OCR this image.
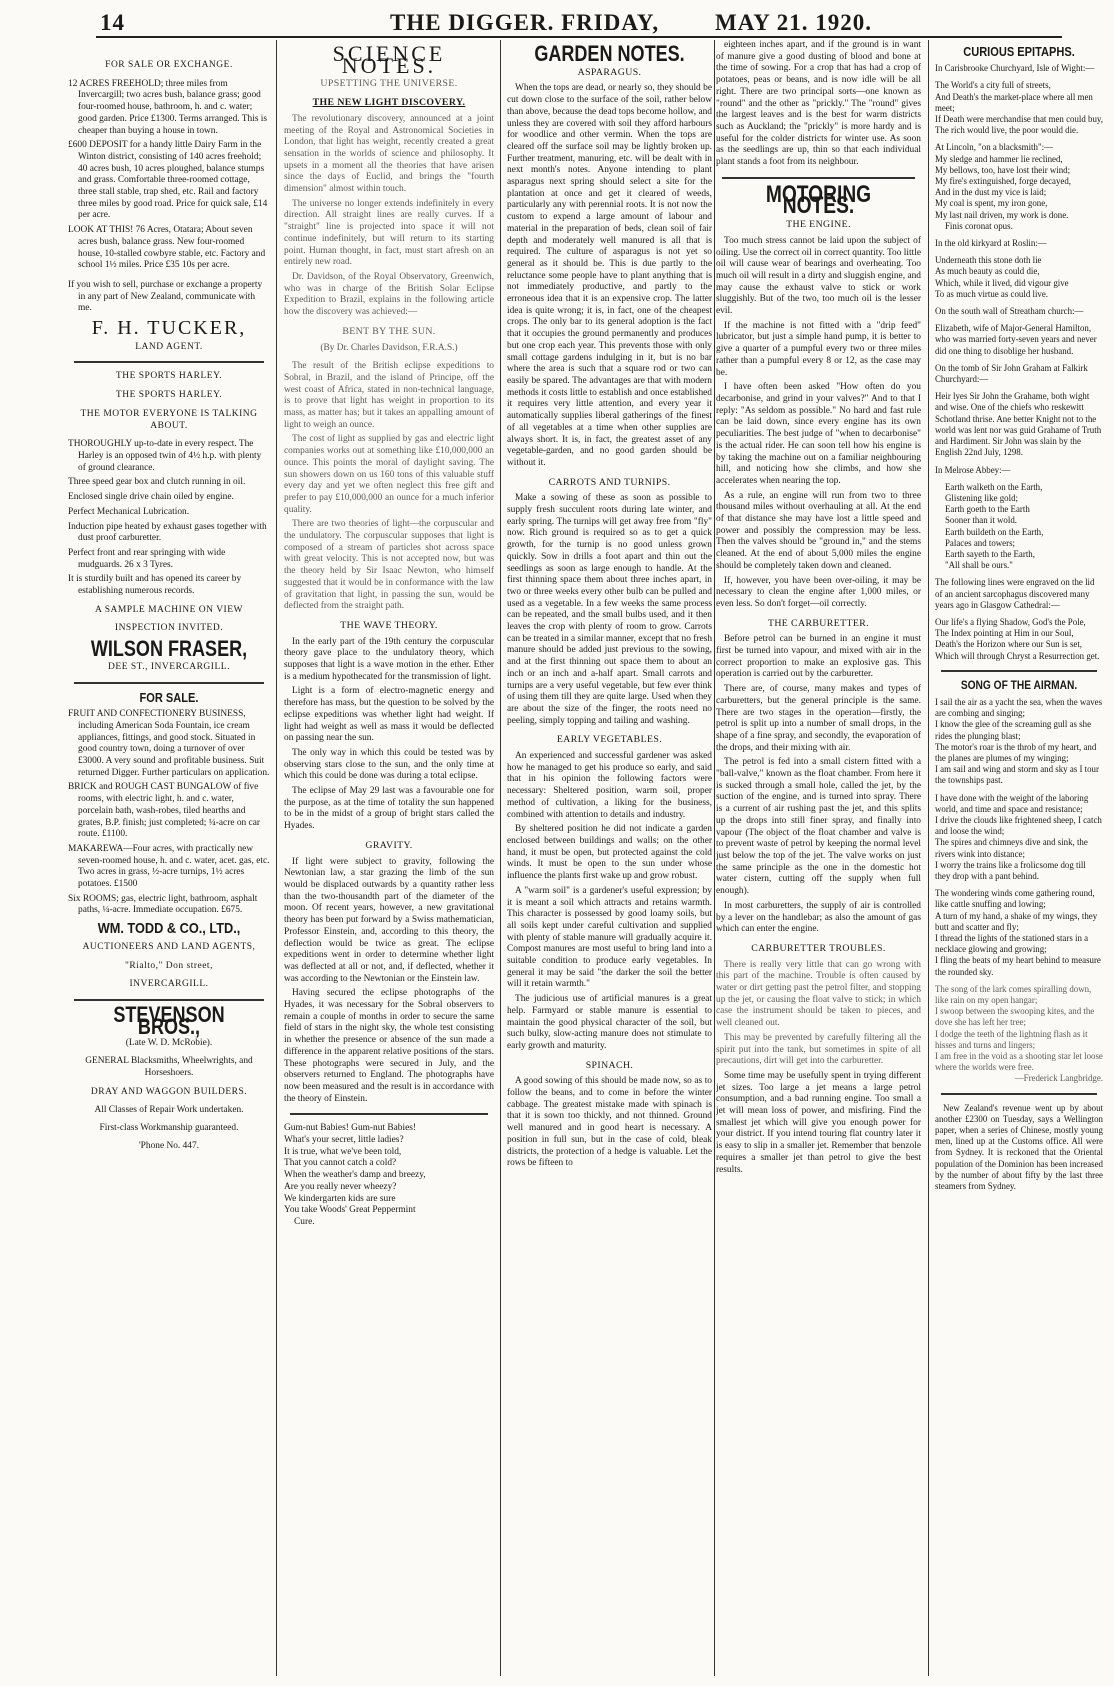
14	THE DIGGER. FRIDAY, MAY 21. 1920.
FOR SALE OR EXCHANGE.

12 ACRES FREEHOLD; three miles from Invercargill; two acres bush, balance grass; good four-roomed house, bathroom, h. and c. water; good garden. Price £1300. Terms arranged. This is cheaper than buying a house in town.

£600 DEPOSIT for a handy little Dairy Farm in the Winton district, consisting of 140 acres freehold; 40 acres bush, 10 acres ploughed, balance stumps and grass. Comfortable three-roomed cottage, three stall stable, trap shed, etc. Rail and factory three miles by good road. Price for quick sale, £14 per acre.

LOOK AT THIS! 76 Acres, Otatara; About seven acres bush, balance grass. New four-roomed house, 10-stalled cowbyre stable, etc. Factory and school 1½ miles. Price £35 10s per acre.

If you wish to sell, purchase or exchange a property in any part of New Zealand, communicate with me.

F. H. TUCKER,
LAND AGENT.
THE SPORTS HARLEY.
THE SPORTS HARLEY.
THE MOTOR EVERYONE IS TALKING ABOUT.

THOROUGHLY up-to-date in every respect. The Harley is an opposed twin of 4½ h.p. with plenty of ground clearance.

Three speed gear box and clutch running in oil.

Enclosed single drive chain oiled by engine.

Perfect Mechanical Lubrication.

Induction pipe heated by exhaust gases together with dust proof carburetter.

Perfect front and rear springing with wide mudguards. 26 x 3 Tyres.

It is sturdily built and has opened its career by establishing numerous records.

A SAMPLE MACHINE ON VIEW
INSPECTION INVITED.
WILSON FRASER,
DEE ST., INVERCARGILL.
FOR SALE.

FRUIT AND CONFECTIONERY BUSINESS, including American Soda Fountain, ice cream appliances, fittings, and good stock. Situated in good country town, doing a turnover of over £3000. A very sound and profitable business. Suit returned Digger. Further particulars on application.

BRICK and ROUGH CAST BUNGALOW of five rooms, with electric light, h. and c. water, porcelain bath, wash-robes, tiled hearths and grates, B.P. finish; just completed; ¼-acre on car route. £1100.

MAKAREWA—Four acres, with practically new seven-roomed house, h. and c. water, acet. gas, etc. Two acres in grass, ½-acre turnips, 1½ acres potatoes. £1500

Six ROOMS; gas, electric light, bathroom, asphalt paths, ¼-acre. Immediate occupation. £675.

WM. TODD & CO., LTD.,
AUCTIONEERS AND LAND AGENTS,
"Rialto," Don street,
INVERCARGILL.
STEVENSON BROS.,
(Late W. D. McRobie).
GENERAL Blacksmiths, Wheelwrights, and Horseshoers.
DRAY AND WAGGON BUILDERS.
All Classes of Repair Work undertaken.
First-class Workmanship guaranteed.
'Phone No. 447.
SCIENCE NOTES.
UPSETTING THE UNIVERSE.
THE NEW LIGHT DISCOVERY.

The revolutionary discovery, announced at a joint meeting of the Royal and Astronomical Societies in London, that light has weight, recently created a great sensation in the worlds of science and philosophy. It upsets in a moment all the theories that have arisen since the days of Euclid, and brings the "fourth dimension" almost within touch.

The universe no longer extends indefinitely in every direction. All straight lines are really curves. If a "straight" line is projected into space it will not continue indefinitely, but will return to its starting point. Human thought, in fact, must start afresh on an entirely new road.

Dr. Davidson, of the Royal Observatory, Greenwich, who was in charge of the British Solar Eclipse Expedition to Brazil, explains in the following article how the discovery was achieved:—

BENT BY THE SUN.
(By Dr. Charles Davidson, F.R.A.S.)

The result of the British eclipse expeditions to Sobral, in Brazil, and the island of Principe, off the west coast of Africa, stated in non-technical language, is to prove that light has weight in proportion to its mass, as matter has; but it takes an appalling amount of light to weigh an ounce.

The cost of light as supplied by gas and electric light companies works out at something like £10,000,000 an ounce. This points the moral of daylight saving. The sun showers down on us 160 tons of this valuable stuff every day and yet we often neglect this free gift and prefer to pay £10,000,000 an ounce for a much inferior quality.

There are two theories of light—the corpuscular and the undulatory. The corpuscular supposes that light is composed of a stream of particles shot across space with great velocity. This is not accepted now, but was the theory held by Sir Isaac Newton, who himself suggested that it would be in conformance with the law of gravitation that light, in passing the sun, would be deflected from the straight path.

THE WAVE THEORY.

In the early part of the 19th century the corpuscular theory gave place to the undulatory theory, which supposes that light is a wave motion in the ether. Ether is a medium hypothecated for the transmission of light.

Light is a form of electro-magnetic energy and therefore has mass, but the question to be solved by the eclipse expeditions was whether light had weight. If light had weight as well as mass it would be deflected on passing near the sun.

The only way in which this could be tested was by observing stars close to the sun, and the only time at which this could be done was during a total eclipse.

The eclipse of May 29 last was a favourable one for the purpose, as at the time of totality the sun happened to be in the midst of a group of bright stars called the Hyades.

GRAVITY.

If light were subject to gravity, following the Newtonian law, a star grazing the limb of the sun would be displaced outwards by a quantity rather less than the two-thousandth part of the diameter of the moon. Of recent years, however, a new gravitational theory has been put forward by a Swiss mathematician, Professor Einstein, and, according to this theory, the deflection would be twice as great. The eclipse expeditions went in order to determine whether light was deflected at all or not, and, if deflected, whether it was according to the Newtonian or the Einstein law.

Having secured the eclipse photographs of the Hyades, it was necessary for the Sobral observers to remain a couple of months in order to secure the same field of stars in the night sky, the whole test consisting in whether the presence or absence of the sun made a difference in the apparent relative positions of the stars. These photographs were secured in July, and the observers returned to England. The photographs have now been measured and the result is in accordance with the theory of Einstein.

Gum-nut Babies! Gum-nut Babies!

What's your secret, little ladies?

It is true, what we've been told,

That you cannot catch a cold?

When the weather's damp and breezy,

Are you really never wheezy?

We kindergarten kids are sure

You take Woods' Great Peppermint

Cure.

GARDEN NOTES.
ASPARAGUS.

When the tops are dead, or nearly so, they should be cut down close to the surface of the soil, rather below than above, because the dead tops become hollow, and unless they are covered with soil they afford harbours for woodlice and other vermin. When the tops are cleared off the surface soil may be lightly broken up. Further treatment, manuring, etc. will be dealt with in next month's notes. Anyone intending to plant asparagus next spring should select a site for the plantation at once and get it cleared of weeds, particularly any with perennial roots. It is not now the custom to expend a large amount of labour and material in the preparation of beds, clean soil of fair depth and moderately well manured is all that is required. The culture of asparagus is not yet so general as it should be. This is due partly to the reluctance some people have to plant anything that is not immediately productive, and partly to the erroneous idea that it is an expensive crop. The latter idea is quite wrong; it is, in fact, one of the cheapest crops. The only bar to its general adoption is the fact that it occupies the ground permanently and produces but one crop each year. This prevents those with only small cottage gardens indulging in it, but is no bar where the area is such that a square rod or two can easily be spared. The advantages are that with modern methods it costs little to establish and once established it requires very little attention, and every year it automatically supplies liberal gatherings of the finest of all vegetables at a time when other supplies are always short. It is, in fact, the greatest asset of any vegetable-garden, and no good garden should be without it.

CARROTS AND TURNIPS.

Make a sowing of these as soon as possible to supply fresh succulent roots during late winter, and early spring. The turnips will get away free from "fly" now. Rich ground is required so as to get a quick growth, for the turnip is no good unless grown quickly. Sow in drills a foot apart and thin out the seedlings as soon as large enough to handle. At the first thinning space them about three inches apart, in two or three weeks every other bulb can be pulled and used as a vegetable. In a few weeks the same process can be repeated, and the small bulbs used, and it then leaves the crop with plenty of room to grow. Carrots can be treated in a similar manner, except that no fresh manure should be added just previous to the sowing, and at the first thinning out space them to about an inch or an inch and a-half apart. Small carrots and turnips are a very useful vegetable, but few ever think of using them till they are quite large. Used when they are about the size of the finger, the roots need no peeling, simply topping and tailing and washing.

EARLY VEGETABLES.

An experienced and successful gardener was asked how he managed to get his produce so early, and said that in his opinion the following factors were necessary: Sheltered position, warm soil, proper method of cultivation, a liking for the business, combined with attention to details and industry.

By sheltered position he did not indicate a garden enclosed between buildings and walls; on the other hand, it must be open, but protected against the cold winds. It must be open to the sun under whose influence the plants first wake up and grow robust.

A "warm soil" is a gardener's useful expression; by it is meant a soil which attracts and retains warmth. This character is possessed by good loamy soils, but all soils kept under careful cultivation and supplied with plenty of stable manure will gradually acquire it. Compost manures are most useful to bring land into a suitable condition to produce early vegetables. In general it may be said "the darker the soil the better will it retain warmth."

The judicious use of artificial manures is a great help. Farmyard or stable manure is essential to maintain the good physical character of the soil, but such bulky, slow-acting manure does not stimulate to early growth and maturity.

SPINACH.

A good sowing of this should be made now, so as to follow the beans, and to come in before the winter cabbage. The greatest mistake made with spinach is that it is sown too thickly, and not thinned. Ground well manured and in good heart is necessary. A position in full sun, but in the case of cold, bleak districts, the protection of a hedge is valuable. Let the rows be fifteen to

eighteen inches apart, and if the ground is in want of manure give a good dusting of blood and bone at the time of sowing. For a crop that has had a crop of potatoes, peas or beans, and is now idle will be all right. There are two principal sorts—one known as "round" and the other as "prickly." The "round" gives the largest leaves and is the best for warm districts such as Auckland; the "prickly" is more hardy and is useful for the colder districts for winter use. As soon as the seedlings are up, thin so that each individual plant stands a foot from its neighbour.

MOTORING NOTES.
THE ENGINE.

Too much stress cannot be laid upon the subject of oiling. Use the correct oil in correct quantity. Too little oil will cause wear of bearings and overheating. Too much oil will result in a dirty and sluggish engine, and may cause the exhaust valve to stick or work sluggishly. But of the two, too much oil is the lesser evil.

If the machine is not fitted with a "drip feed" lubricator, but just a simple hand pump, it is better to give a quarter of a pumpful every two or three miles rather than a pumpful every 8 or 12, as the case may be.

I have often been asked "How often do you decarbonise, and grind in your valves?" And to that I reply: "As seldom as possible." No hard and fast rule can be laid down, since every engine has its own peculiarities. The best judge of "when to decarbonise" is the actual rider. He can soon tell how his engine is by taking the machine out on a familiar neighbouring hill, and noticing how she climbs, and how she accelerates when nearing the top.

As a rule, an engine will run from two to three thousand miles without overhauling at all. At the end of that distance she may have lost a little speed and power and possibly the compression may be less. Then the valves should be "ground in," and the stems cleaned. At the end of about 5,000 miles the engine should be completely taken down and cleaned.

If, however, you have been over-oiling, it may be necessary to clean the engine after 1,000 miles, or even less. So don't forget—oil correctly.

THE CARBURETTER.

Before petrol can be burned in an engine it must first be turned into vapour, and mixed with air in the correct proportion to make an explosive gas. This operation is carried out by the carburetter.

There are, of course, many makes and types of carburetters, but the general principle is the same. There are two stages in the operation—firstly, the petrol is split up into a number of small drops, in the shape of a fine spray, and secondly, the evaporation of the drops, and their mixing with air.

The petrol is fed into a small cistern fitted with a "ball-valve," known as the float chamber. From here it is sucked through a small hole, called the jet, by the suction of the engine, and is turned into spray. There is a current of air rushing past the jet, and this splits up the drops into still finer spray, and finally into vapour (The object of the float chamber and valve is to prevent waste of petrol by keeping the normal level just below the top of the jet. The valve works on just the same principle as the one in the domestic hot water cistern, cutting off the supply when full enough).

In most carburetters, the supply of air is controlled by a lever on the handlebar; as also the amount of gas which can enter the engine.

CARBURETTER TROUBLES.

There is really very little that can go wrong with this part of the machine. Trouble is often caused by water or dirt getting past the petrol filter, and stopping up the jet, or causing the float valve to stick; in which case the instrument should be taken to pieces, and well cleaned out.

This may be prevented by carefully filtering all the spirit put into the tank, but sometimes in spite of all precautions, dirt will get into the carburetter.

Some time may be usefully spent in trying different jet sizes. Too large a jet means a large petrol consumption, and a bad running engine. Too small a jet will mean loss of power, and misfiring. Find the smallest jet which will give you enough power for your district. If you intend touring flat country later it is easy to slip in a smaller jet. Remember that benzole requires a smaller jet than petrol to give the best results.

CURIOUS EPITAPHS.

In Carisbrooke Churchyard, Isle of Wight:—

The World's a city full of streets,

And Death's the market-place where all men meet;

If Death were merchandise that men could buy,

The rich would live, the poor would die.

At Lincoln, "on a blacksmith":—

My sledge and hammer lie reclined,

My bellows, too, have lost their wind;

My fire's extinguished, forge decayed,

And in the dust my vice is laid;

My coal is spent, my iron gone,

My last nail driven, my work is done.

Finis coronat opus.

In the old kirkyard at Roslin:—

Underneath this stone doth lie

As much beauty as could die,

Which, while it lived, did vigour give

To as much virtue as could live.

On the south wall of Streatham church:—

Elizabeth, wife of Major-General Hamilton, who was married forty-seven years and never did one thing to disoblige her husband.

On the tomb of Sir John Graham at Falkirk Churchyard:—

Heir lyes Sir John the Grahame, both wight and wise. One of the chiefs who reskewitt Schotland thrise. Ane better Knight not to the world was lent nor was guid Grahame of Truth and Hardiment. Sir John was slain by the English 22nd July, 1298.

In Melrose Abbey:—

Earth walketh on the Earth,

Glistening like gold;

Earth goeth to the Earth

Sooner than it wold.

Earth buildeth on the Earth,

Palaces and towers;

Earth sayeth to the Earth,

"All shall be ours."

The following lines were engraved on the lid of an ancient sarcophagus discovered many years ago in Glasgow Cathedral:—

Our life's a flying Shadow, God's the Pole,

The Index pointing at Him in our Soul,

Death's the Horizon where our Sun is set,

Which will through Chryst a Resurrection get.

SONG OF THE AIRMAN.

I sail the air as a yacht the sea, when the waves are combing and singing;

I know the glee of the screaming gull as she rides the plunging blast;

The motor's roar is the throb of my heart, and the planes are plumes of my winging;

I am sail and wing and storm and sky as I tour the townships past.

I have done with the weight of the laboring world, and time and space and resistance;

I drive the clouds like frightened sheep, I catch and loose the wind;

The spires and chimneys dive and sink, the rivers wink into distance;

I worry the trains like a frolicsome dog till they drop with a pant behind.

The wondering winds come gathering round, like cattle snuffing and lowing;

A turn of my hand, a shake of my wings, they butt and scatter and fly;

I thread the lights of the stationed stars in a necklace glowing and growing;

I fling the beats of my heart behind to measure the rounded sky.

The song of the lark comes spiralling down, like rain on my open hangar;

I swoop between the swooping kites, and the dove she has left her tree;

I dodge the teeth of the lightning flash as it hisses and turns and lingers;

I am free in the void as a shooting star let loose where the worlds were free.

—Frederick Langbridge.

New Zealand's revenue went up by about another £2300 on Tuesday, says a Wellington paper, when a series of Chinese, mostly young men, lined up at the Customs office. All were from Sydney. It is reckoned that the Oriental population of the Dominion has been increased by the number of about fifty by the last three steamers from Sydney.
